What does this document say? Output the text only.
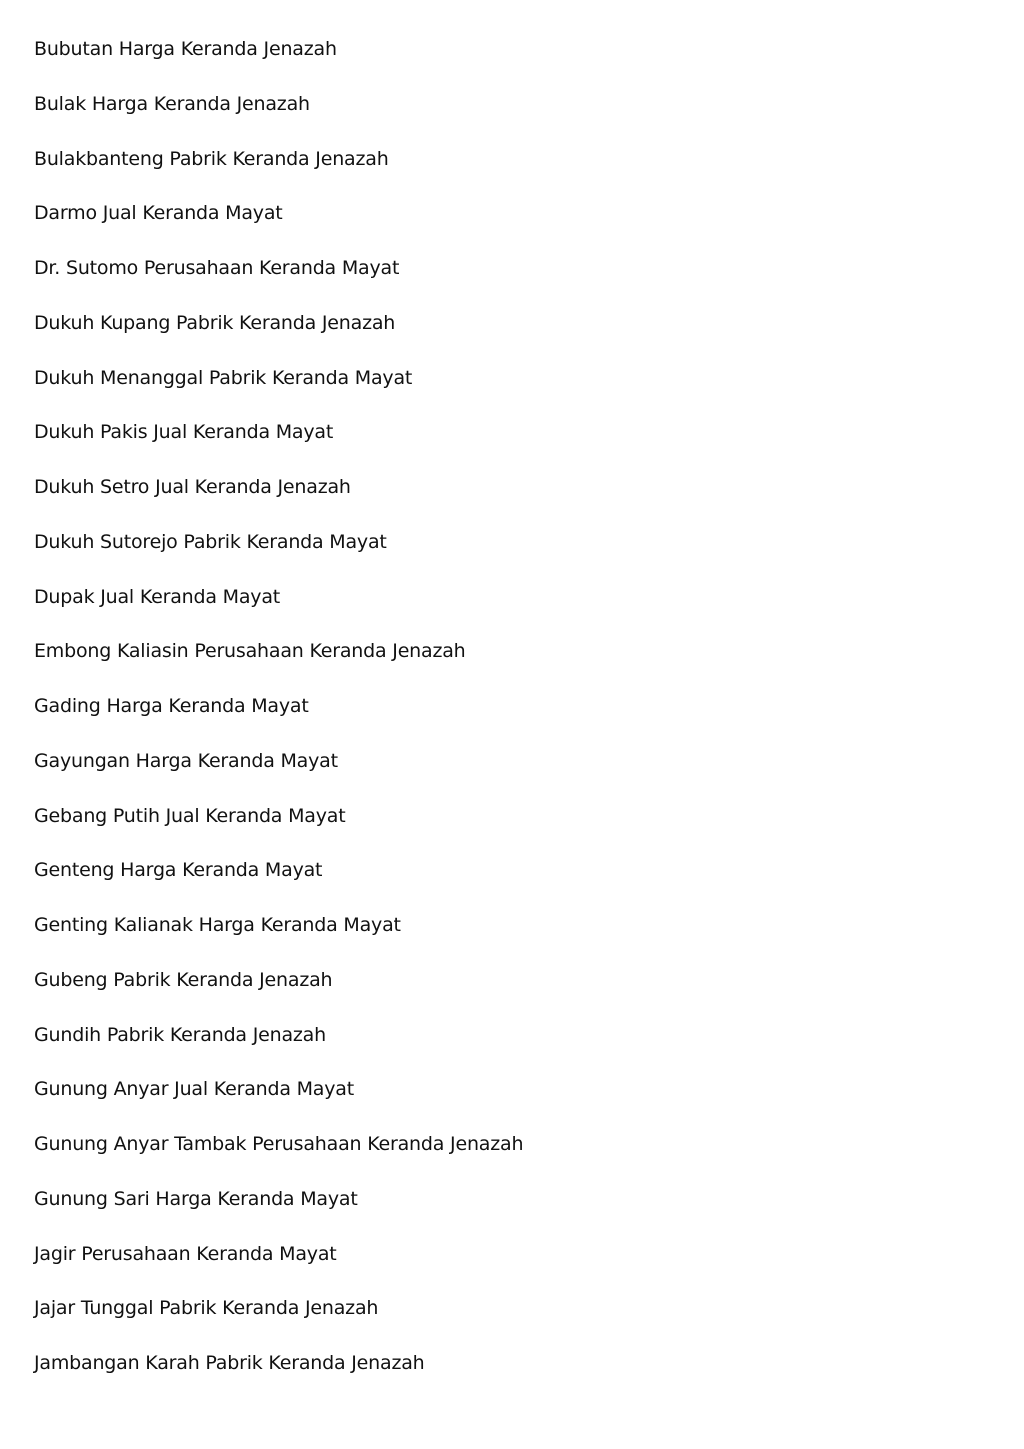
Bubutan Harga Keranda Jenazah
Bulak Harga Keranda Jenazah
Bulakbanteng Pabrik Keranda Jenazah
Darmo Jual Keranda Mayat
Dr. Sutomo Perusahaan Keranda Mayat
Dukuh Kupang Pabrik Keranda Jenazah
Dukuh Menanggal Pabrik Keranda Mayat
Dukuh Pakis Jual Keranda Mayat
Dukuh Setro Jual Keranda Jenazah
Dukuh Sutorejo Pabrik Keranda Mayat
Dupak Jual Keranda Mayat
Embong Kaliasin Perusahaan Keranda Jenazah
Gading Harga Keranda Mayat
Gayungan Harga Keranda Mayat
Gebang Putih Jual Keranda Mayat
Genteng Harga Keranda Mayat
Genting Kalianak Harga Keranda Mayat
Gubeng Pabrik Keranda Jenazah
Gundih Pabrik Keranda Jenazah
Gunung Anyar Jual Keranda Mayat
Gunung Anyar Tambak Perusahaan Keranda Jenazah
Gunung Sari Harga Keranda Mayat
Jagir Perusahaan Keranda Mayat
Jajar Tunggal Pabrik Keranda Jenazah
Jambangan Karah Pabrik Keranda Jenazah
